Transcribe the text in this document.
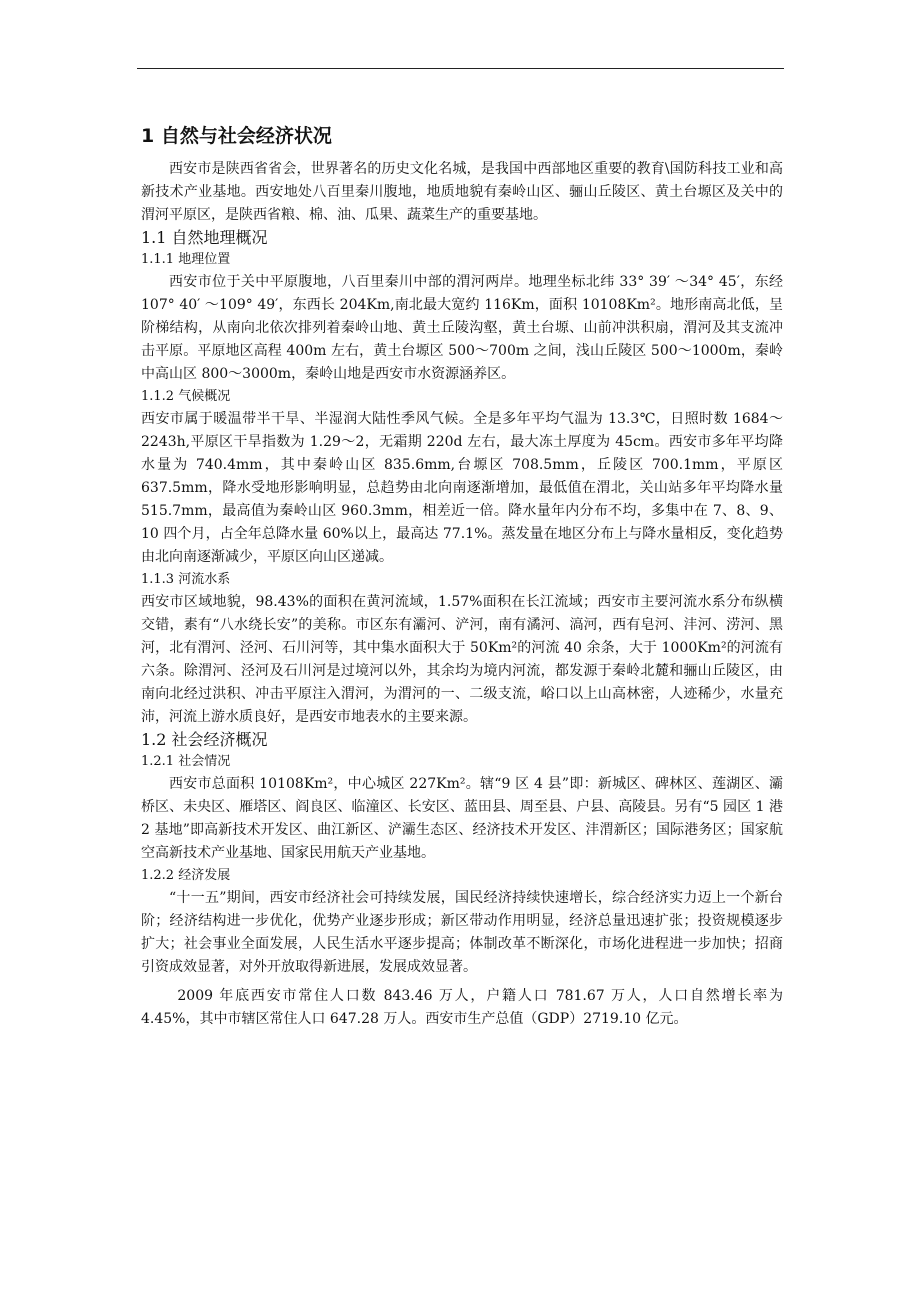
1 自然与社会经济状况

西安市是陕西省省会，世界著名的历史文化名城，是我国中西部地区重要的教育\国防科技工业和高新技术产业基地。西安地处八百里秦川腹地，地质地貌有秦岭山区、骊山丘陵区、黄土台塬区及关中的渭河平原区，是陕西省粮、棉、油、瓜果、蔬菜生产的重要基地。

1.1 自然地理概况
1.1.1 地理位置

西安市位于关中平原腹地，八百里秦川中部的渭河两岸。地理坐标北纬 33° 39′ ～34° 45′，东经 107° 40′ ～109° 49′，东西长 204Km,南北最大宽约 116Km，面积 10108Km²。地形南高北低，呈阶梯结构，从南向北依次排列着秦岭山地、黄土丘陵沟壑，黄土台塬、山前冲洪积扇，渭河及其支流冲击平原。平原地区高程 400m 左右，黄土台塬区 500～700m 之间，浅山丘陵区 500～1000m，秦岭中高山区 800～3000m，秦岭山地是西安市水资源涵养区。

1.1.2 气候概况

西安市属于暖温带半干旱、半湿润大陆性季风气候。全是多年平均气温为 13.3℃，日照时数 1684～2243h,平原区干旱指数为 1.29～2，无霜期 220d 左右，最大冻土厚度为 45cm。西安市多年平均降水量为 740.4mm，其中秦岭山区 835.6mm,台塬区 708.5mm，丘陵区 700.1mm，平原区 637.5mm，降水受地形影响明显，总趋势由北向南逐渐增加，最低值在渭北，关山站多年平均降水量 515.7mm，最高值为秦岭山区 960.3mm，相差近一倍。降水量年内分布不均，多集中在 7、8、9、10 四个月，占全年总降水量 60%以上，最高达 77.1%。蒸发量在地区分布上与降水量相反，变化趋势由北向南逐渐减少，平原区向山区递减。

1.1.3 河流水系

西安市区域地貌，98.43%的面积在黄河流域，1.57%面积在长江流域；西安市主要河流水系分布纵横交错，素有“八水绕长安”的美称。市区东有灞河、浐河，南有潏河、滈河，西有皂河、沣河、涝河、黑河，北有渭河、泾河、石川河等，其中集水面积大于 50Km²的河流 40 余条，大于 1000Km²的河流有六条。除渭河、泾河及石川河是过境河以外，其余均为境内河流，都发源于秦岭北麓和骊山丘陵区，由南向北经过洪积、冲击平原注入渭河，为渭河的一、二级支流，峪口以上山高林密，人迹稀少，水量充沛，河流上游水质良好，是西安市地表水的主要来源。

1.2 社会经济概况
1.2.1 社会情况

西安市总面积 10108Km²，中心城区 227Km²。辖“9 区 4 县”即：新城区、碑林区、莲湖区、灞桥区、未央区、雁塔区、阎良区、临潼区、长安区、蓝田县、周至县、户县、高陵县。另有“5 园区 1 港 2 基地”即高新技术开发区、曲江新区、浐灞生态区、经济技术开发区、沣渭新区；国际港务区；国家航空高新技术产业基地、国家民用航天产业基地。

1.2.2 经济发展

“十一五”期间，西安市经济社会可持续发展，国民经济持续快速增长，综合经济实力迈上一个新台阶；经济结构进一步优化，优势产业逐步形成；新区带动作用明显，经济总量迅速扩张；投资规模逐步扩大；社会事业全面发展，人民生活水平逐步提高；体制改革不断深化，市场化进程进一步加快；招商引资成效显著，对外开放取得新进展，发展成效显著。

2009 年底西安市常住人口数 843.46 万人，户籍人口 781.67 万人，人口自然增长率为 4.45%，其中市辖区常住人口 647.28 万人。西安市生产总值（GDP）2719.10 亿元。
